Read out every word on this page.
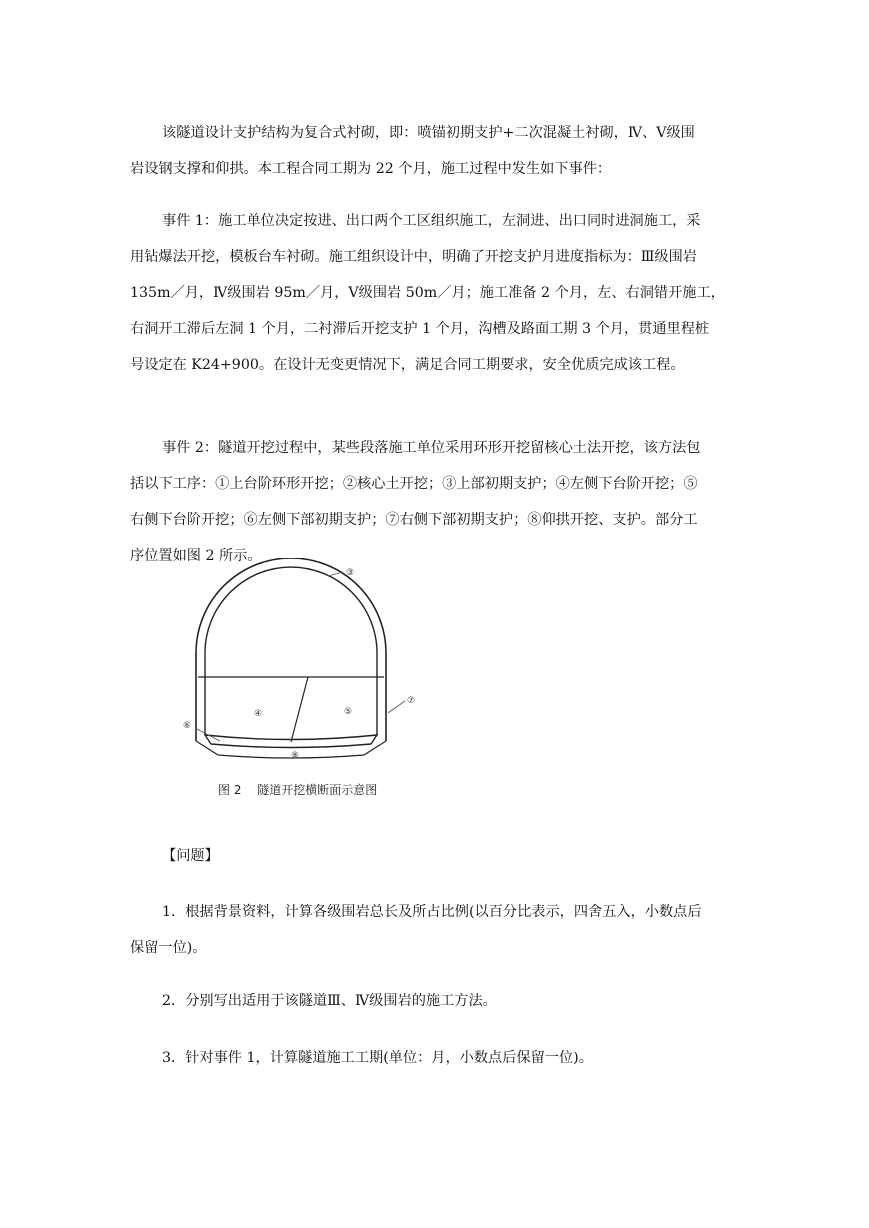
该隧道设计支护结构为复合式衬砌，即：喷锚初期支护+二次混凝土衬砌，Ⅳ、Ⅴ级围
岩设钢支撑和仰拱。本工程合同工期为 22 个月，施工过程中发生如下事件：
事件 1：施工单位决定按进、出口两个工区组织施工，左洞进、出口同时进洞施工，采
用钻爆法开挖，模板台车衬砌。施工组织设计中，明确了开挖支护月进度指标为：Ⅲ级围岩
135m／月，Ⅳ级围岩 95m／月，Ⅴ级围岩 50m／月；施工准备 2 个月，左、右洞错开施工，
右洞开工滞后左洞 1 个月，二衬滞后开挖支护 1 个月，沟槽及路面工期 3 个月，贯通里程桩
号设定在 K24+900。在设计无变更情况下，满足合同工期要求，安全优质完成该工程。
事件 2：隧道开挖过程中，某些段落施工单位采用环形开挖留核心土法开挖，该方法包
括以下工序：①上台阶环形开挖；②核心土开挖；③上部初期支护；④左侧下台阶开挖；⑤
右侧下台阶开挖；⑥左侧下部初期支护；⑦右侧下部初期支护；⑧仰拱开挖、支护。部分工
序位置如图 2 所示。
③
④	⑤
⑥
⑦
⑧
图 2　 隧道开挖横断面示意图

【问题】

1．根据背景资料，计算各级围岩总长及所占比例(以百分比表示，四舍五入，小数点后
保留一位)。
2．分别写出适用于该隧道Ⅲ、Ⅳ级围岩的施工方法。
3．针对事件 1，计算隧道施工工期(单位：月，小数点后保留一位)。
